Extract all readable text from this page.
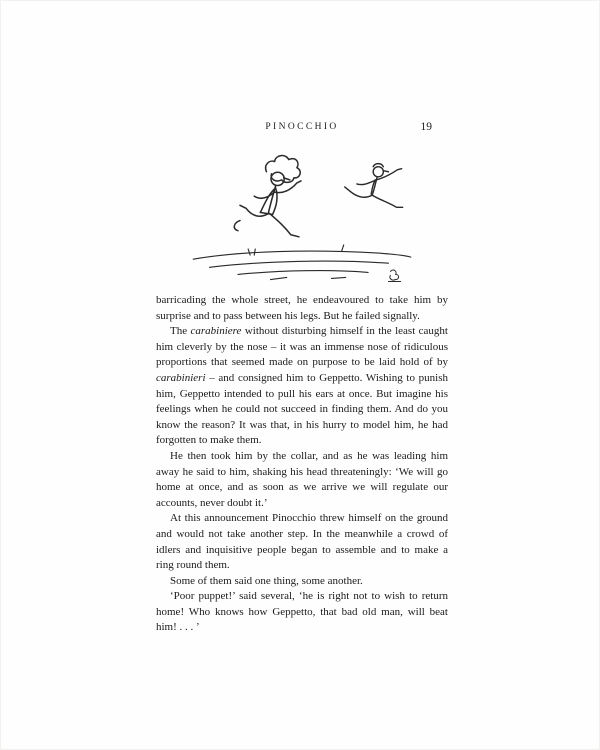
PINOCCHIO	19

barricading the whole street, he endeavoured to take him by surprise and to pass between his legs. But he failed signally.

The carabiniere without disturbing himself in the least caught him cleverly by the nose – it was an immense nose of ridiculous proportions that seemed made on purpose to be laid hold of by carabinieri – and consigned him to Geppetto. Wishing to punish him, Geppetto intended to pull his ears at once. But imagine his feelings when he could not succeed in finding them. And do you know the reason? It was that, in his hurry to model him, he had forgotten to make them.

He then took him by the collar, and as he was leading him away he said to him, shaking his head threateningly: ‘We will go home at once, and as soon as we arrive we will regulate our accounts, never doubt it.’

At this announcement Pinocchio threw himself on the ground and would not take another step. In the meanwhile a crowd of idlers and inquisitive people began to assemble and to make a ring round them.

Some of them said one thing, some another.

‘Poor puppet!’ said several, ‘he is right not to wish to return home! Who knows how Geppetto, that bad old man, will beat him! . . . ’
